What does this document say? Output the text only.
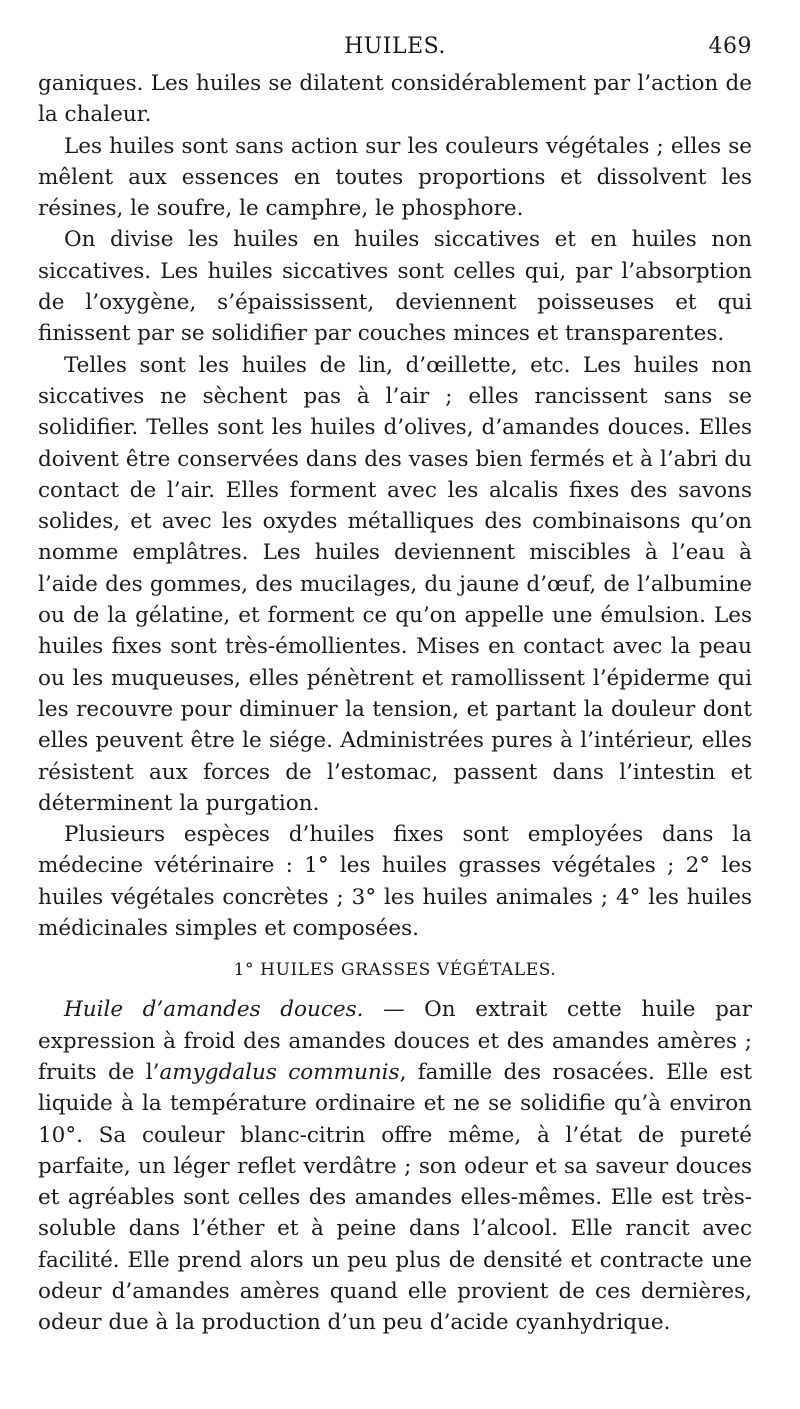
HUILES.	469

ganiques. Les huiles se dilatent considérablement par l’action de la chaleur.

Les huiles sont sans action sur les couleurs végétales ; elles se mêlent aux essences en toutes proportions et dissolvent les résines, le soufre, le camphre, le phosphore.

On divise les huiles en huiles siccatives et en huiles non siccatives. Les huiles siccatives sont celles qui, par l’absorption de l’oxygène, s’épaississent, deviennent poisseuses et qui finissent par se solidifier par couches minces et transparentes.

Telles sont les huiles de lin, d’œillette, etc. Les huiles non siccatives ne sèchent pas à l’air ; elles rancissent sans se solidifier. Telles sont les huiles d’olives, d’amandes douces. Elles doivent être conservées dans des vases bien fermés et à l’abri du contact de l’air. Elles forment avec les alcalis fixes des savons solides, et avec les oxydes métalliques des combinaisons qu’on nomme emplâtres. Les huiles deviennent miscibles à l’eau à l’aide des gommes, des mucilages, du jaune d’œuf, de l’albumine ou de la gélatine, et forment ce qu’on appelle une émulsion. Les huiles fixes sont très-émollientes. Mises en contact avec la peau ou les muqueuses, elles pénètrent et ramollissent l’épiderme qui les recouvre pour diminuer la tension, et partant la douleur dont elles peuvent être le siége. Administrées pures à l’intérieur, elles résistent aux forces de l’estomac, passent dans l’intestin et déterminent la purgation.

Plusieurs espèces d’huiles fixes sont employées dans la médecine vétérinaire : 1° les huiles grasses végétales ; 2° les huiles végétales concrètes ; 3° les huiles animales ; 4° les huiles médicinales simples et composées.

1° HUILES GRASSES VÉGÉTALES.

Huile d’amandes douces. — On extrait cette huile par expression à froid des amandes douces et des amandes amères ; fruits de l’amygdalus communis, famille des rosacées. Elle est liquide à la température ordinaire et ne se solidifie qu’à environ 10°. Sa couleur blanc-citrin offre même, à l’état de pureté parfaite, un léger reflet verdâtre ; son odeur et sa saveur douces et agréables sont celles des amandes elles-mêmes. Elle est très-soluble dans l’éther et à peine dans l’alcool. Elle rancit avec facilité. Elle prend alors un peu plus de densité et contracte une odeur d’amandes amères quand elle provient de ces dernières, odeur due à la production d’un peu d’acide cyanhydrique.
